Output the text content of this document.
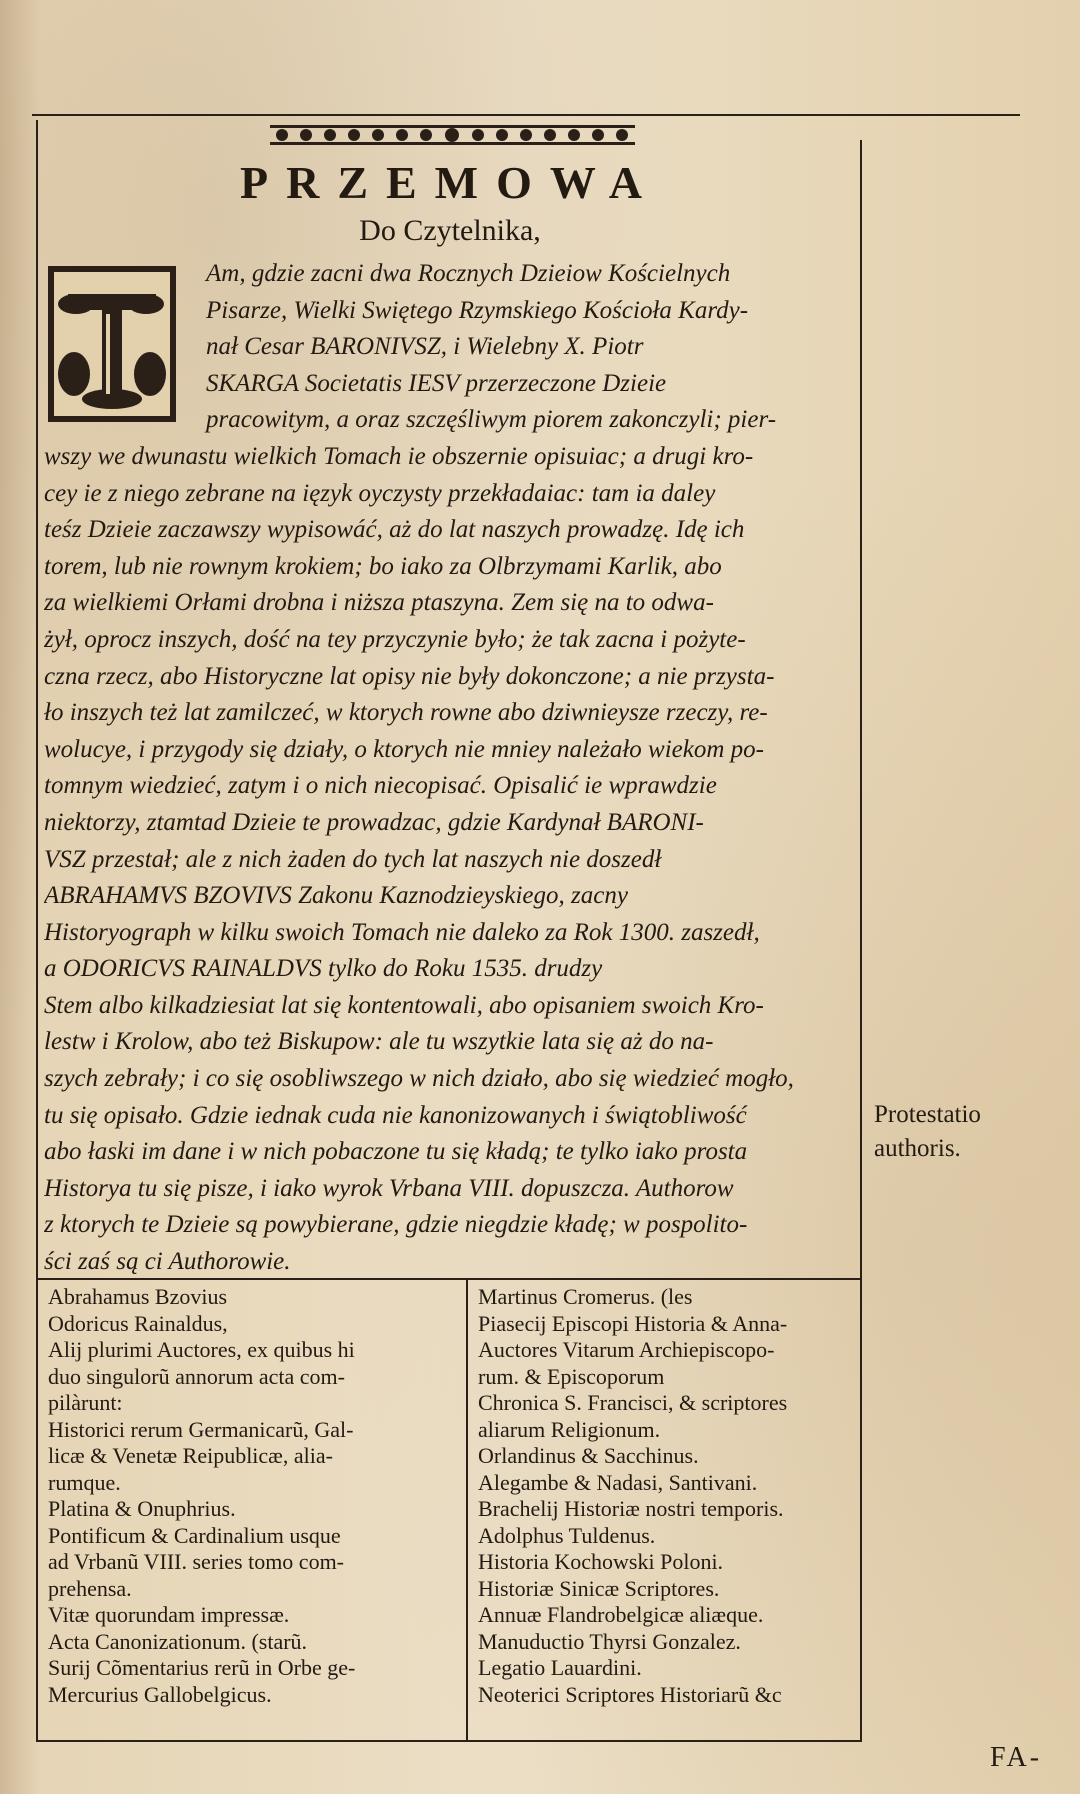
PRZEMOWA
Do Czytelnika,
Am, gdzie zacni dwa Rocznych Dzieiow Kościelnych
Pisarze, Wielki Swiętego Rzymskiego Kościoła Kardy-
nał Cesar BARONIVSZ, i Wielebny X. Piotr
SKARGA Societatis IESV przerzeczone Dzieie
pracowitym, a oraz szczęśliwym piorem zakonczyli; pier-
wszy we dwunastu wielkich Tomach ie obszernie opisuiac; a drugi kro-
cey ie z niego zebrane na ięzyk oyczysty przekładaiac: tam ia daley
teśz Dzieie zaczawszy wypisowáć, aż do lat naszych prowadzę. Idę ich
torem, lub nie rownym krokiem; bo iako za Olbrzymami Karlik, abo
za wielkiemi Orłami drobna i niższa ptaszyna. Zem się na to odwa-
żył, oprocz inszych, dość na tey przyczynie było; że tak zacna i pożyte-
czna rzecz, abo Historyczne lat opisy nie były dokonczone; a nie przysta-
ło inszych też lat zamilczeć, w ktorych rowne abo dziwnieysze rzeczy, re-
wolucye, i przygody się działy, o ktorych nie mniey należało wiekom po-
tomnym wiedzieć, zatym i o nich niecopisać. Opisalić ie wprawdzie
niektorzy, ztamtad Dzieie te prowadzac, gdzie Kardynał BARONI-
VSZ przestał; ale z nich żaden do tych lat naszych nie doszedł
ABRAHAMVS BZOVIVS Zakonu Kaznodzieyskiego, zacny
Historyograph w kilku swoich Tomach nie daleko za Rok 1300. zaszedł,
a ODORICVS RAINALDVS tylko do Roku 1535. drudzy
Stem albo kilkadziesiat lat się kontentowali, abo opisaniem swoich Kro-
lestw i Krolow, abo też Biskupow: ale tu wszytkie lata się aż do na-
szych zebrały; i co się osobliwszego w nich działo, abo się wiedzieć mogło,
tu się opisało. Gdzie iednak cuda nie kanonizowanych i świątobliwość
abo łaski im dane i w nich pobaczone tu się kładą; te tylko iako prosta
Historya tu się pisze, i iako wyrok Vrbana VIII. dopuszcza. Authorow
z ktorych te Dzieie są powybierane, gdzie niegdzie kładę; w pospolito-
ści zaś są ci Authorowie.
Protestatio
authoris.
Abrahamus Bzovius
Odoricus Rainaldus,
Alij plurimi Auctores, ex quibus hi
duo singulorũ annorum acta com-
pilàrunt:
Historici rerum Germanicarũ, Gal-
licæ & Venetæ Reipublicæ, alia-
rumque.
Platina & Onuphrius.
Pontificum & Cardinalium usque
ad Vrbanũ VIII. series tomo com-
prehensa.
Vitæ quorundam impressæ.
Acta Canonizationum. (starũ.
Surij Cõmentarius rerũ in Orbe ge-
Mercurius Gallobelgicus.
Martinus Cromerus. (les
Piasecij Episcopi Historia & Anna-
Auctores Vitarum Archiepiscopo-
rum. & Episcoporum
Chronica S. Francisci, & scriptores
aliarum Religionum.
Orlandinus & Sacchinus.
Alegambe & Nadasi, Santivani.
Brachelij Historiæ nostri temporis.
Adolphus Tuldenus.
Historia Kochowski Poloni.
Historiæ Sinicæ Scriptores.
Annuæ Flandrobelgicæ aliæque.
Manuductio Thyrsi Gonzalez.
Legatio Lauardini.
Neoterici Scriptores Historiarũ &c
FA-
